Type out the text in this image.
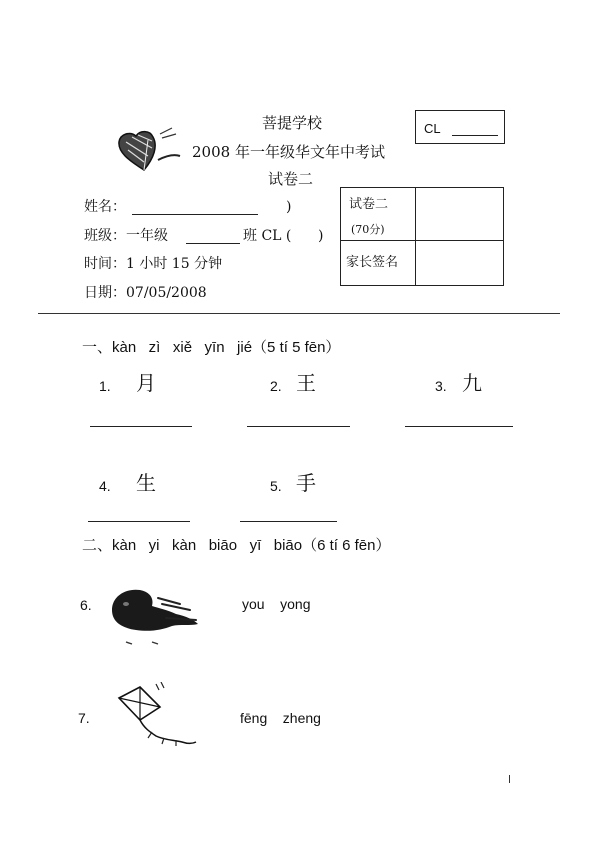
菩提学校
2008 年一年级华文年中考试
试卷二
CL
姓名：	)
班级：一年级	班 CL ( )
时间：1 小时 15 分钟
日期：07/05/2008
试卷二
(70分)
家长签名
一、kàn   zì   xiě   yīn   jié（5 tí 5 fēn）
1. 月	2. 王	3. 九
4. 生	5. 手
二、kàn   yi   kàn   biāo   yī   biāo（6 tí 6 fēn）
6.	you    yong
7.	fēng    zheng
